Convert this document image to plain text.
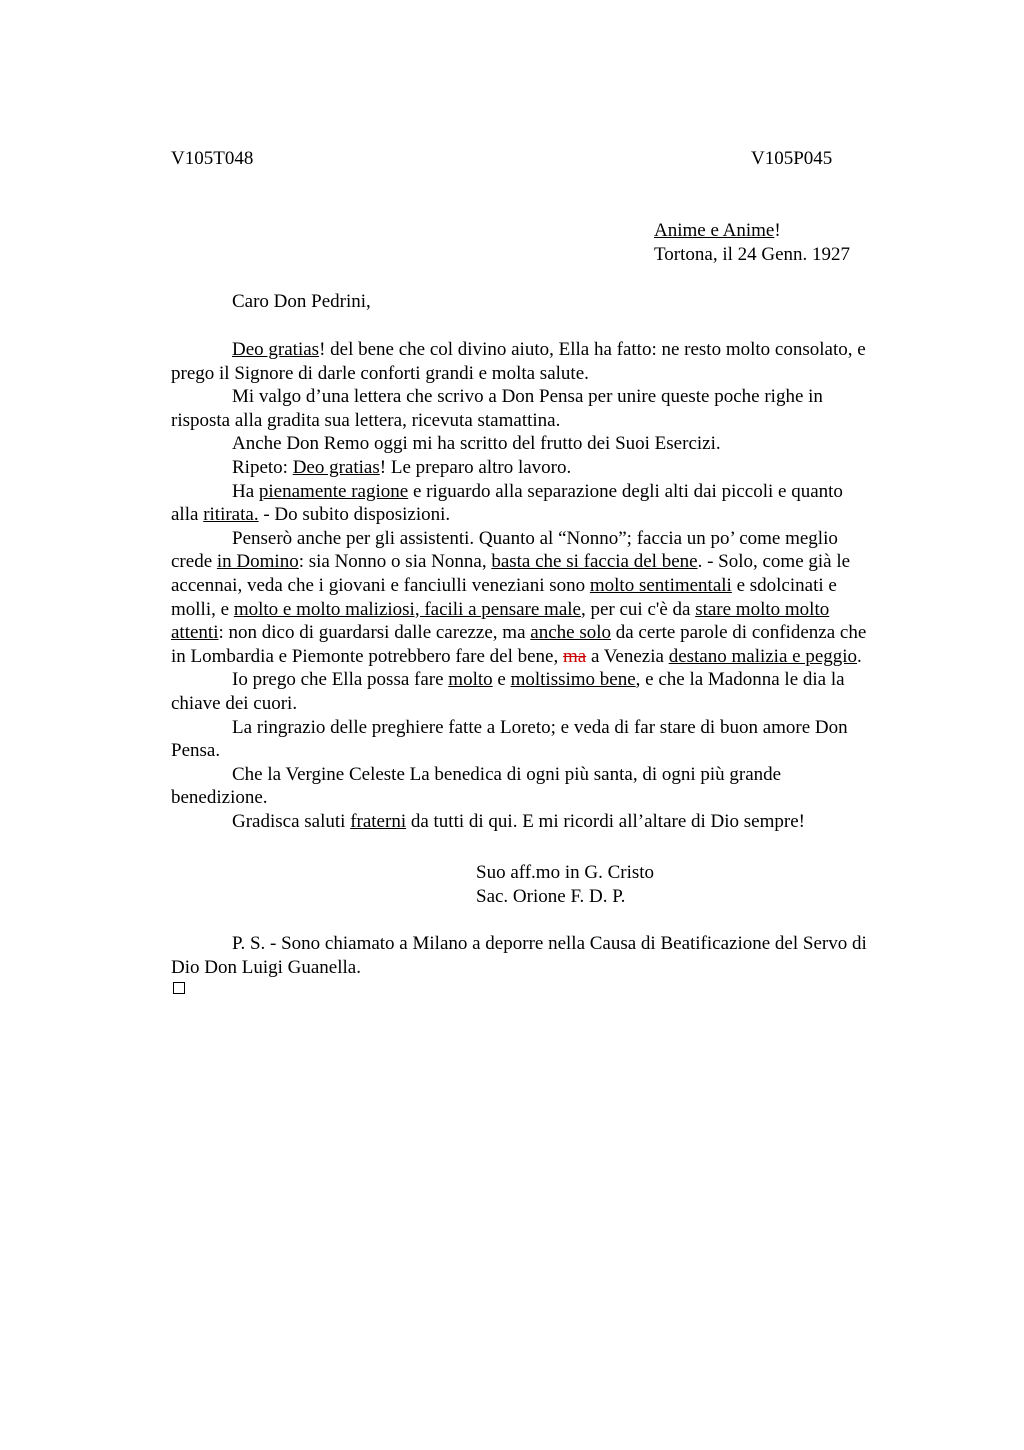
V105T048	V105P045
Anime e Anime!
Tortona, il 24 Genn. 1927
Caro Don Pedrini,

Deo gratias! del bene che col divino aiuto, Ella ha fatto: ne resto molto consolato, e

prego il Signore di darle conforti grandi e molta salute.

Mi valgo d’una lettera che scrivo a Don Pensa per unire queste poche righe in

risposta alla gradita sua lettera, ricevuta stamattina.

Anche Don Remo oggi mi ha scritto del frutto dei Suoi Esercizi.

Ripeto: Deo gratias! Le preparo altro lavoro.

Ha pienamente ragione e riguardo alla separazione degli alti dai piccoli e quanto

alla ritirata. - Do subito disposizioni.

Penserò anche per gli assistenti. Quanto al “Nonno”; faccia un po’ come meglio

crede in Domino: sia Nonno o sia Nonna, basta che si faccia del bene. - Solo, come già le

accennai, veda che i giovani e fanciulli veneziani sono molto sentimentali e sdolcinati e

molli, e molto e molto maliziosi, facili a pensare male, per cui c'è da stare molto molto

attenti: non dico di guardarsi dalle carezze, ma anche solo da certe parole di confidenza che

in Lombardia e Piemonte potrebbero fare del bene, ma a Venezia destano malizia e peggio.

Io prego che Ella possa fare molto e moltissimo bene, e che la Madonna le dia la

chiave dei cuori.

La ringrazio delle preghiere fatte a Loreto; e veda di far stare di buon amore Don

Pensa.

Che la Vergine Celeste La benedica di ogni più santa, di ogni più grande

benedizione.

Gradisca saluti fraterni da tutti di qui. E mi ricordi all’altare di Dio sempre!

Suo aff.mo in G. Cristo
Sac. Orione F. D. P.

P. S. - Sono chiamato a Milano a deporre nella Causa di Beatificazione del Servo di

Dio Don Luigi Guanella.
